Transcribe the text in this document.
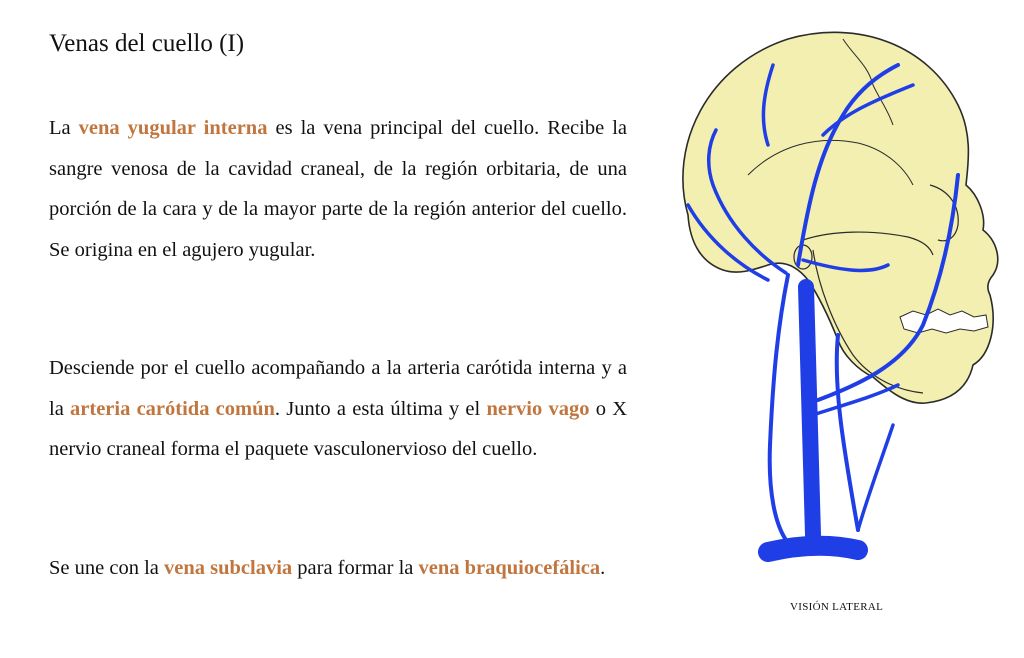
Venas del cuello (I)

La vena yugular interna es la vena principal del cuello. Recibe la sangre venosa de la cavidad craneal, de la región orbitaria, de una porción de la cara y de la mayor parte de la región anterior del cuello. Se origina en el agujero yugular.

Desciende por el cuello acompañando a la arteria carótida interna y a la arteria carótida común. Junto a esta última y el nervio vago o X nervio craneal forma el paquete vasculonervioso del cuello.

Se une con la vena subclavia para formar la vena braquiocefálica.

VISIÓN LATERAL
